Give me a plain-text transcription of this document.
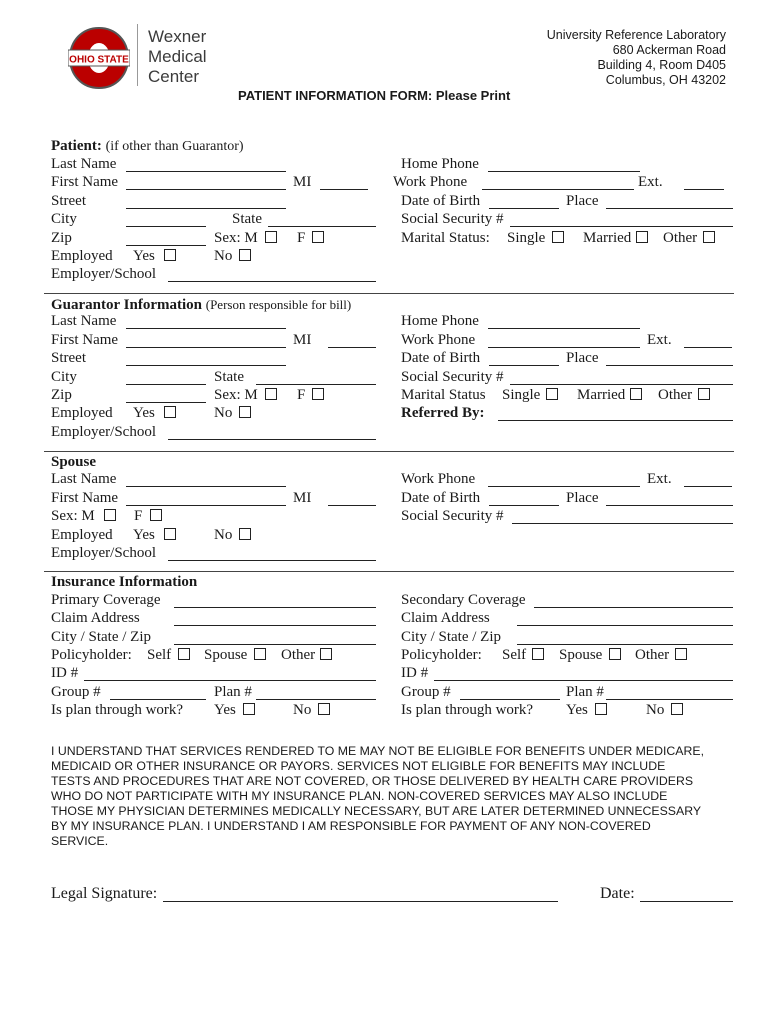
OHIO STATE
Wexner
Medical
Center
University Reference Laboratory
680 Ackerman Road
Building 4, Room D405
Columbus, OH 43202
PATIENT INFORMATION FORM: Please Print
Patient: (if other than Guarantor)
Last Name	Home Phone
First Name	MI	Work Phone	Ext.
Street	Date of Birth	Place
City	State	Social Security #
Zip	Sex: M	F	Marital Status: Single	Married Other
Employed Yes	No
Employer/School
Guarantor Information (Person responsible for bill)
Last Name	Home Phone
First Name	MI	Work Phone	Ext.
Street	Date of Birth	Place
City	State	Social Security #
Zip	Sex: M	F	Marital Status Single Married Other
Employed Yes	No	Referred By:
Employer/School
Spouse
Last Name	Work Phone	Ext.
First Name	MI	Date of Birth	Place
Sex: M	F	Social Security #
Employed Yes	No
Employer/School
Insurance Information
Primary Coverage	Secondary Coverage
Claim Address	Claim Address
City / State / Zip	City / State / Zip
Policyholder: Self Spouse Other	Policyholder: Self Spouse Other
ID #	ID #
Group #	Plan #	Group #	Plan #
Is plan through work? Yes	No	Is plan through work? Yes	No
I UNDERSTAND THAT SERVICES RENDERED TO ME MAY NOT BE ELIGIBLE FOR BENEFITS UNDER MEDICARE,
MEDICAID OR OTHER INSURANCE OR PAYORS. SERVICES NOT ELIGIBLE FOR BENEFITS MAY INCLUDE
TESTS AND PROCEDURES THAT ARE NOT COVERED, OR THOSE DELIVERED BY HEALTH CARE PROVIDERS
WHO DO NOT PARTICIPATE WITH MY INSURANCE PLAN. NON-COVERED SERVICES MAY ALSO INCLUDE
THOSE MY PHYSICIAN DETERMINES MEDICALLY NECESSARY, BUT ARE LATER DETERMINED UNNECESSARY
BY MY INSURANCE PLAN. I UNDERSTAND I AM RESPONSIBLE FOR PAYMENT OF ANY NON-COVERED
SERVICE.
Legal Signature:	Date:
